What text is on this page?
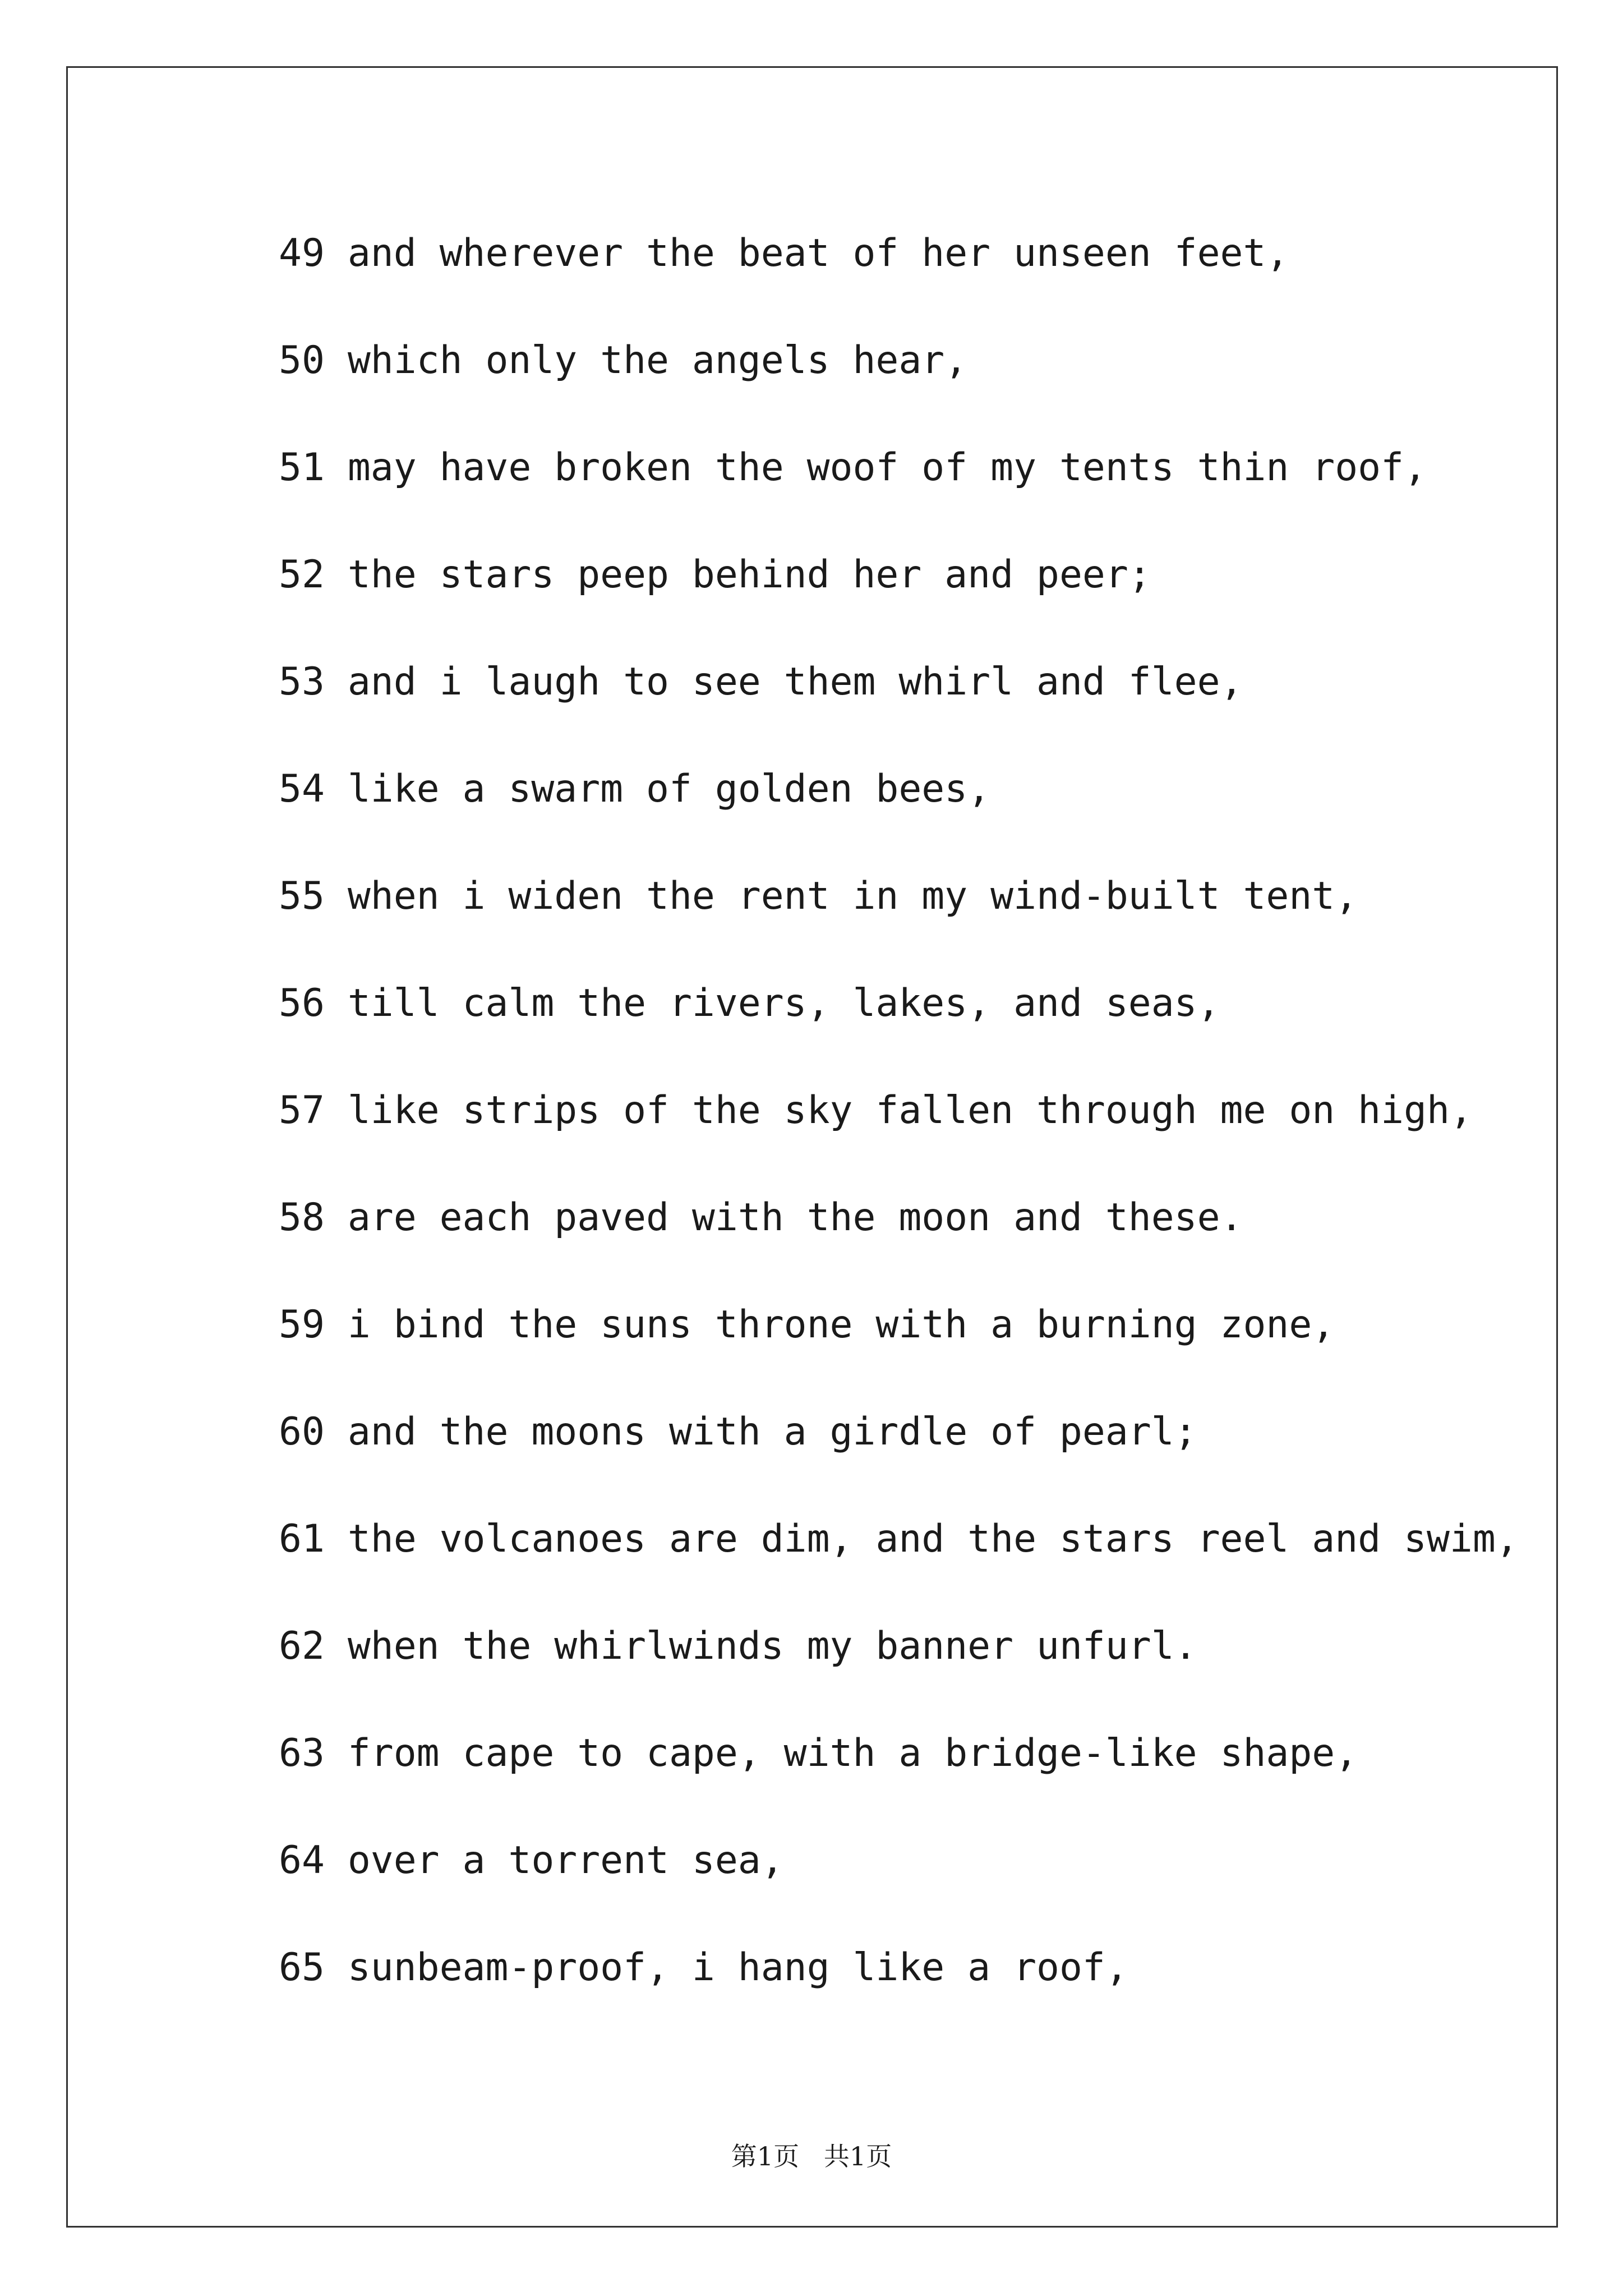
49 and wherever the beat of her unseen feet,
50 which only the angels hear,
51 may have broken the woof of my tents thin roof,
52 the stars peep behind her and peer;
53 and i laugh to see them whirl and flee,
54 like a swarm of golden bees,
55 when i widen the rent in my wind-built tent,
56 till calm the rivers, lakes, and seas,
57 like strips of the sky fallen through me on high,
58 are each paved with the moon and these.
59 i bind the suns throne with a burning zone,
60 and the moons with a girdle of pearl;
61 the volcanoes are dim, and the stars reel and swim,
62 when the whirlwinds my banner unfurl.
63 from cape to cape, with a bridge-like shape,
64 over a torrent sea,
65 sunbeam-proof, i hang like a roof,
第1页   共1页
